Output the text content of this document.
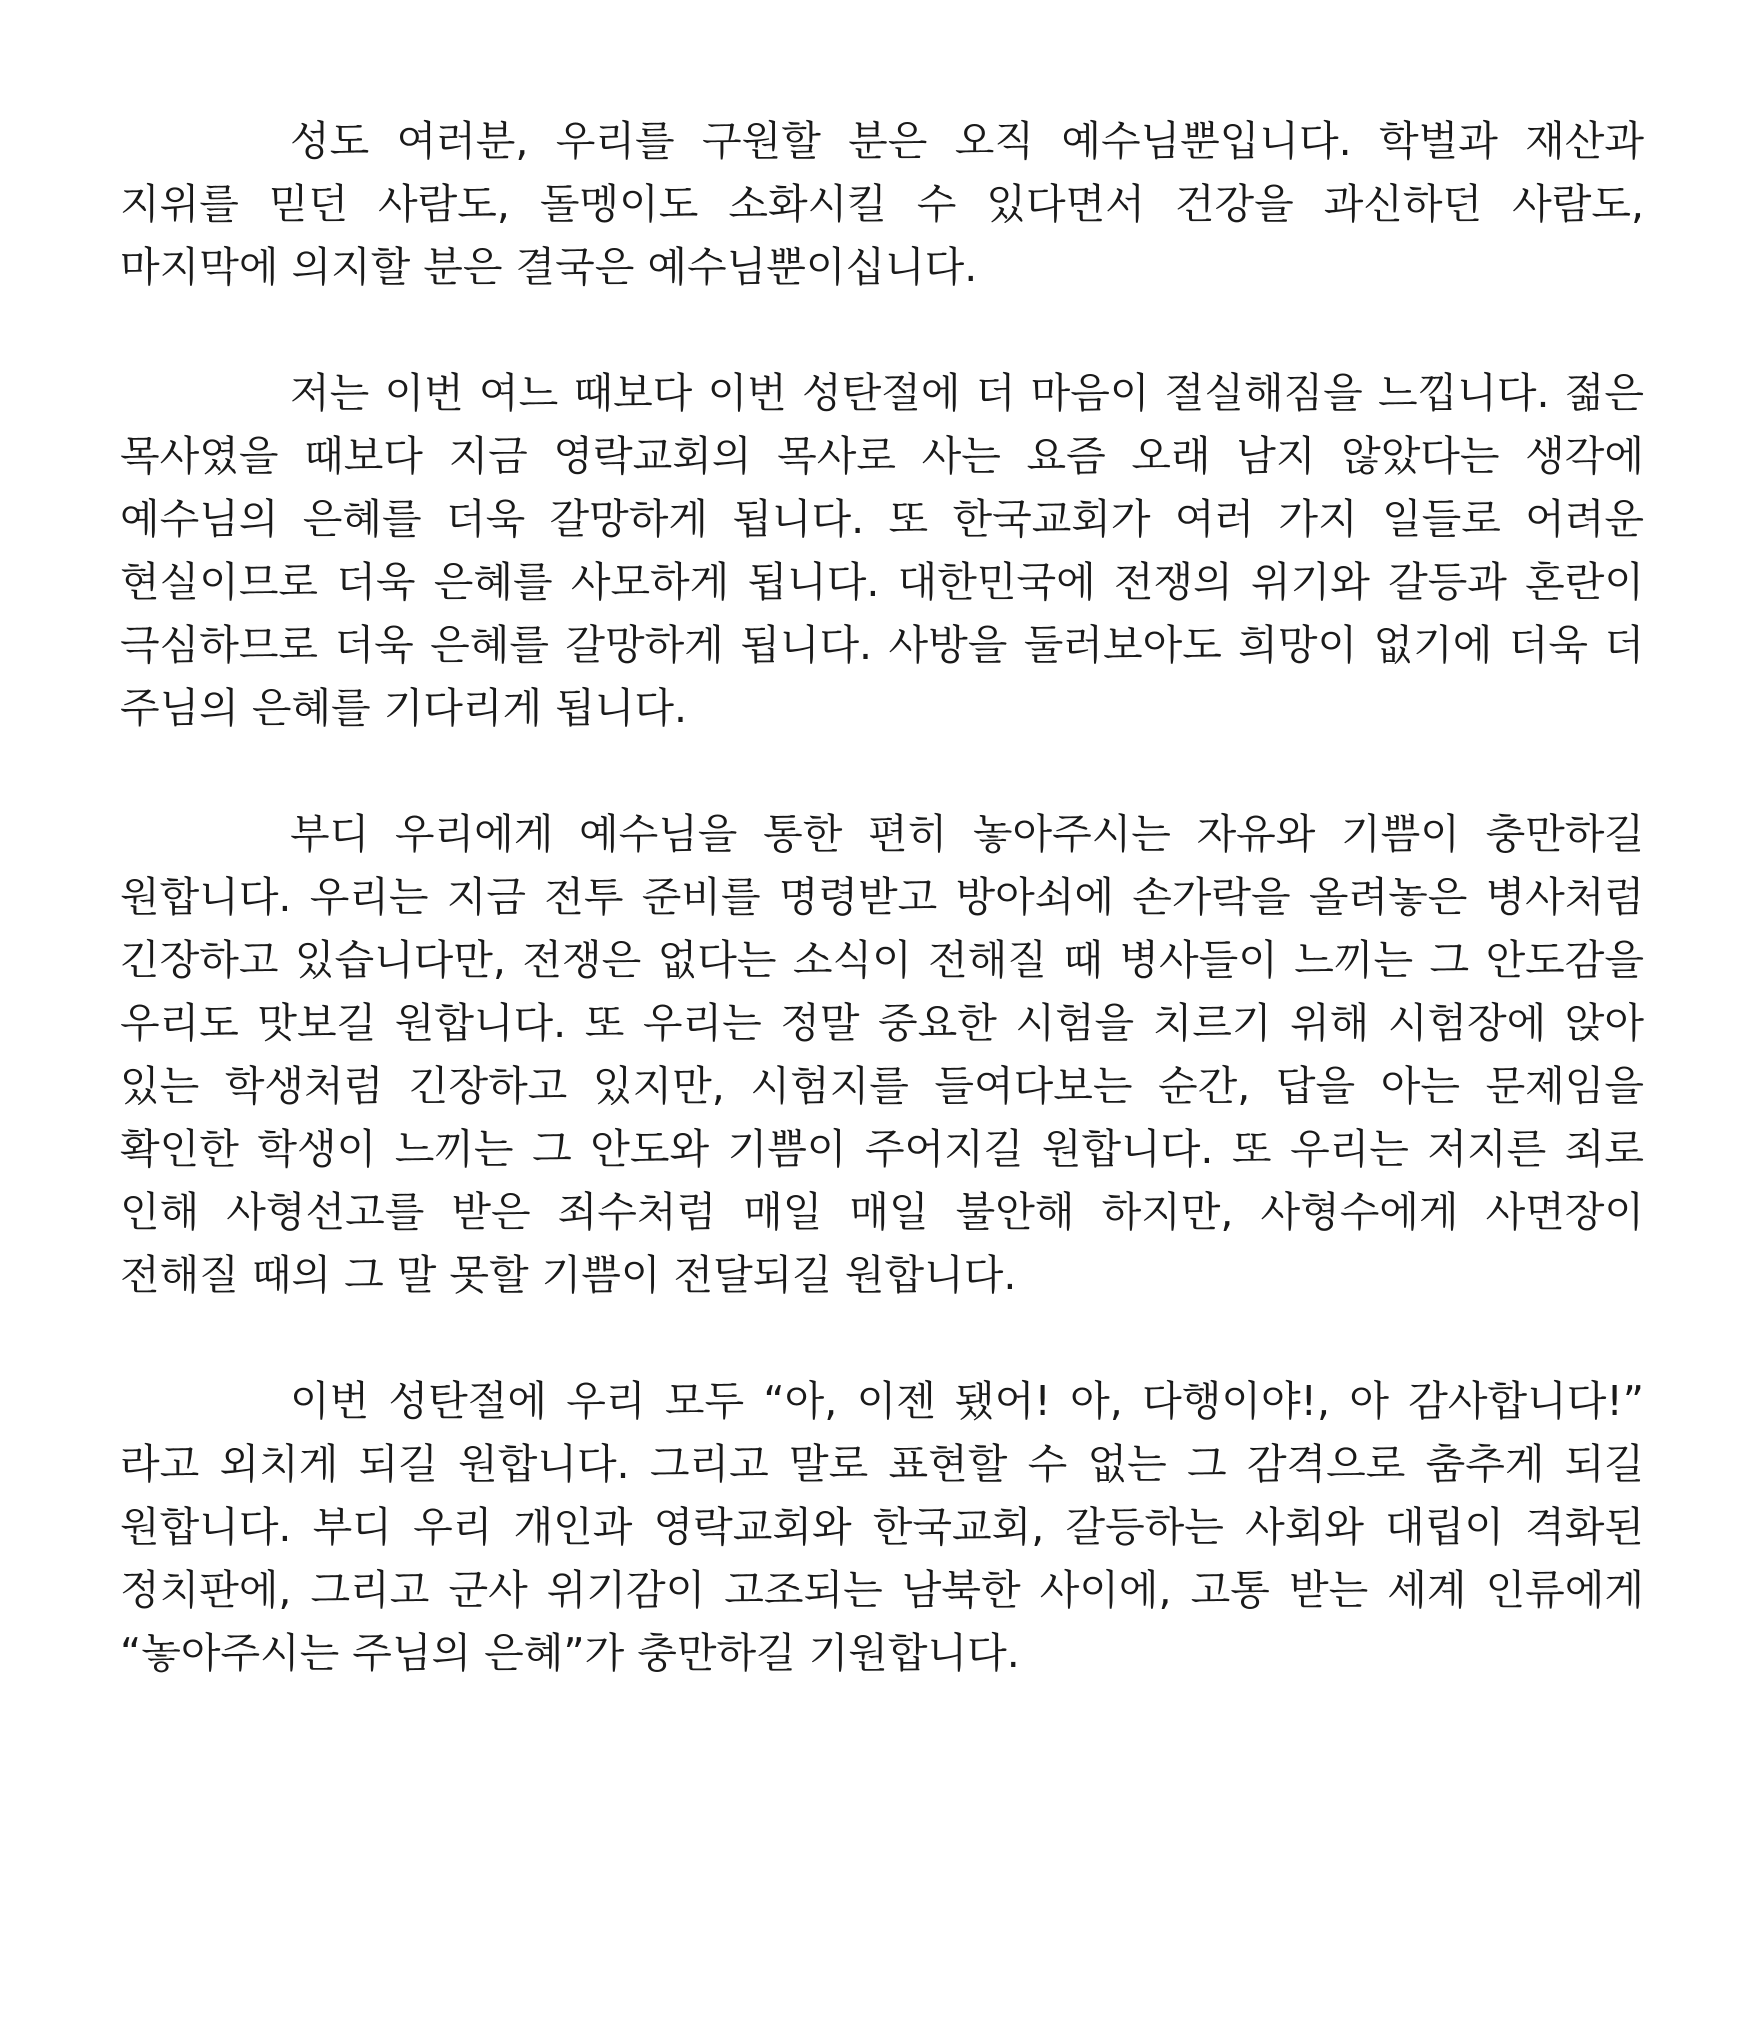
성도 여러분, 우리를 구원할 분은 오직 예수님뿐입니다. 학벌과 재산과 지위를 믿던 사람도, 돌멩이도 소화시킬 수 있다면서 건강을 과신하던 사람도, 마지막에 의지할 분은 결국은 예수님뿐이십니다.

저는 이번 여느 때보다 이번 성탄절에 더 마음이 절실해짐을 느낍니다. 젊은 목사였을 때보다 지금 영락교회의 목사로 사는 요즘 오래 남지 않았다는 생각에 예수님의 은혜를 더욱 갈망하게 됩니다. 또 한국교회가 여러 가지 일들로 어려운 현실이므로 더욱 은혜를 사모하게 됩니다. 대한민국에 전쟁의 위기와 갈등과 혼란이 극심하므로 더욱 은혜를 갈망하게 됩니다. 사방을 둘러보아도 희망이 없기에 더욱 더 주님의 은혜를 기다리게 됩니다.

부디 우리에게 예수님을 통한 편히 놓아주시는 자유와 기쁨이 충만하길 원합니다. 우리는 지금 전투 준비를 명령받고 방아쇠에 손가락을 올려놓은 병사처럼 긴장하고 있습니다만, 전쟁은 없다는 소식이 전해질 때 병사들이 느끼는 그 안도감을 우리도 맛보길 원합니다. 또 우리는 정말 중요한 시험을 치르기 위해 시험장에 앉아 있는 학생처럼 긴장하고 있지만, 시험지를 들여다보는 순간, 답을 아는 문제임을 확인한 학생이 느끼는 그 안도와 기쁨이 주어지길 원합니다. 또 우리는 저지른 죄로 인해 사형선고를 받은 죄수처럼 매일 매일 불안해 하지만, 사형수에게 사면장이 전해질 때의 그 말 못할 기쁨이 전달되길 원합니다.

이번 성탄절에 우리 모두 “아, 이젠 됐어! 아, 다행이야!, 아 감사합니다!” 라고 외치게 되길 원합니다. 그리고 말로 표현할 수 없는 그 감격으로 춤추게 되길 원합니다. 부디 우리 개인과 영락교회와 한국교회, 갈등하는 사회와 대립이 격화된 정치판에, 그리고 군사 위기감이 고조되는 남북한 사이에, 고통 받는 세계 인류에게 “놓아주시는 주님의 은혜”가 충만하길 기원합니다.
